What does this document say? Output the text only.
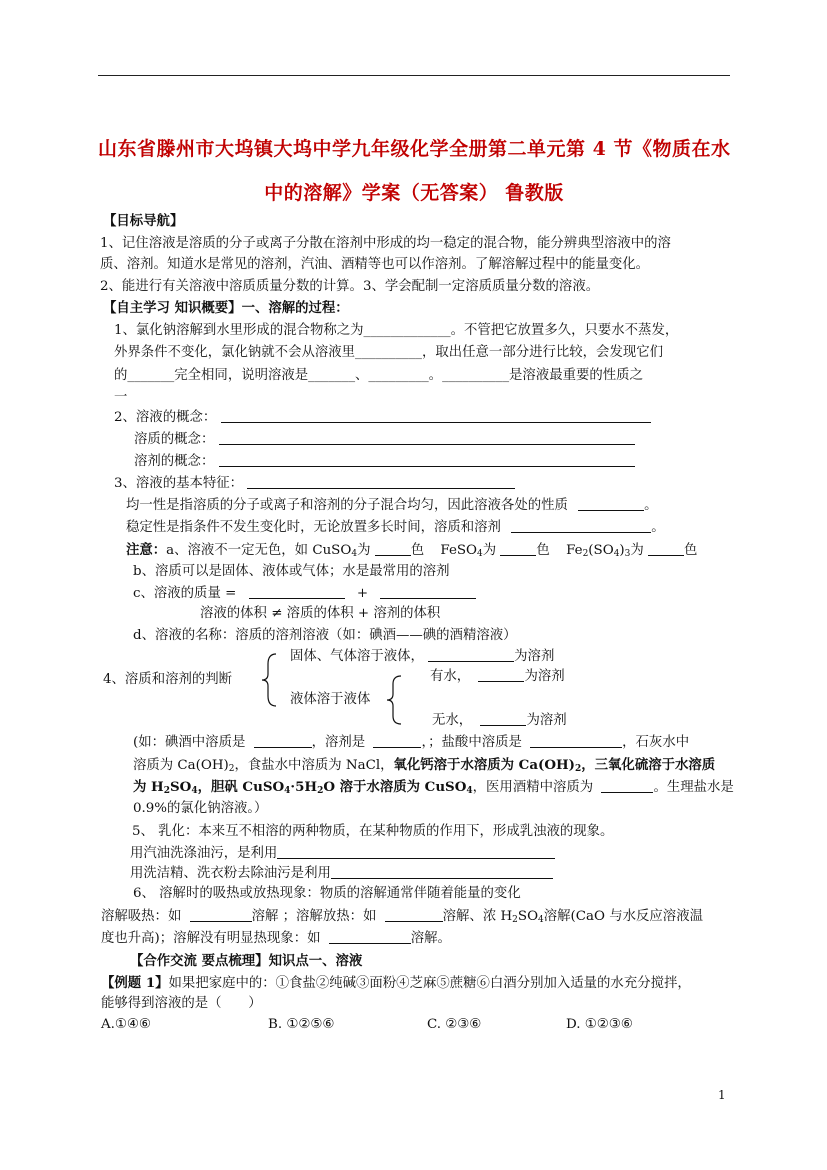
山东省滕州市大坞镇大坞中学九年级化学全册第二单元第 4 节《物质在水
中的溶解》学案（无答案） 鲁教版
【目标导航】
1、记住溶液是溶质的分子或离子分散在溶剂中形成的均一稳定的混合物，能分辨典型溶液中的溶
质、溶剂。知道水是常见的溶剂，汽油、酒精等也可以作溶剂。了解溶解过程中的能量变化。
2、能进行有关溶液中溶质质量分数的计算。3、学会配制一定溶质质量分数的溶液。
【自主学习 知识概要】一、溶解的过程：
1、氯化钠溶解到水里形成的混合物称之为_____________。不管把它放置多久，只要水不蒸发，
外界条件不变化，氯化钠就不会从溶液里__________，取出任意一部分进行比较，会发现它们
的_______完全相同，说明溶液是_______、_________。__________是溶液最重要的性质之
一
2、溶液的概念：
溶质的概念：
溶剂的概念：
3、溶液的基本特征：
均一性是指溶质的分子或离子和溶剂的分子混合均匀，因此溶液各处的性质	。
稳定性是指条件不发生变化时，无论放置多长时间，溶质和溶剂	。
注意：a、溶液不一定无色，如 CuSO$_4$为	色 FeSO$_4$为	色 $Fe_2(SO_4)_3$为	色
b、溶质可以是固体、液体或气体；水是最常用的溶剂
c、溶液的质量 =	+
溶液的体积 ≠ 溶质的体积 + 溶剂的体积
d、溶液的名称：溶质的溶剂溶液（如：碘酒——碘的酒精溶液）
4、溶质和溶剂的判断
固体、气体溶于液体，	为溶剂
液体溶于液体
有水，	为溶剂
无水，	为溶剂
(如：碘酒中溶质是	，溶剂是	，；盐酸中溶质是	，石灰水中
溶质为 $Ca(OH)_2$，食盐水中溶质为 NaCl，氧化钙溶于水溶质为 $Ca(OH)_2$，三氧化硫溶于水溶质
为 $H_2SO_4$，胆矾 $CuSO_4\cdot 5H_2O$ 溶于水溶质为 CuSO$_4$，医用酒精中溶质为	。生理盐水是
0.9%的氯化钠溶液。）
5、 乳化：本来互不相溶的两种物质，在某种物质的作用下，形成乳浊液的现象。
用汽油洗涤油污，是利用
用洗洁精、洗衣粉去除油污是利用
6、 溶解时的吸热或放热现象：物质的溶解通常伴随着能量的变化
溶解吸热：如	溶解 ；溶解放热：如	溶解、浓 $H_2SO_4$溶解(CaO 与水反应溶液温
度也升高)；溶解没有明显热现象：如	溶解。
【合作交流 要点梳理】知识点一、溶液
【例题 1】如果把家庭中的：①食盐②纯碱③面粉④芝麻⑤蔗糖⑥白酒分别加入适量的水充分搅拌，
能够得到溶液的是（　　）
A.①④⑥	B. ①②⑤⑥	C. ②③⑥	D. ①②③⑥
1
